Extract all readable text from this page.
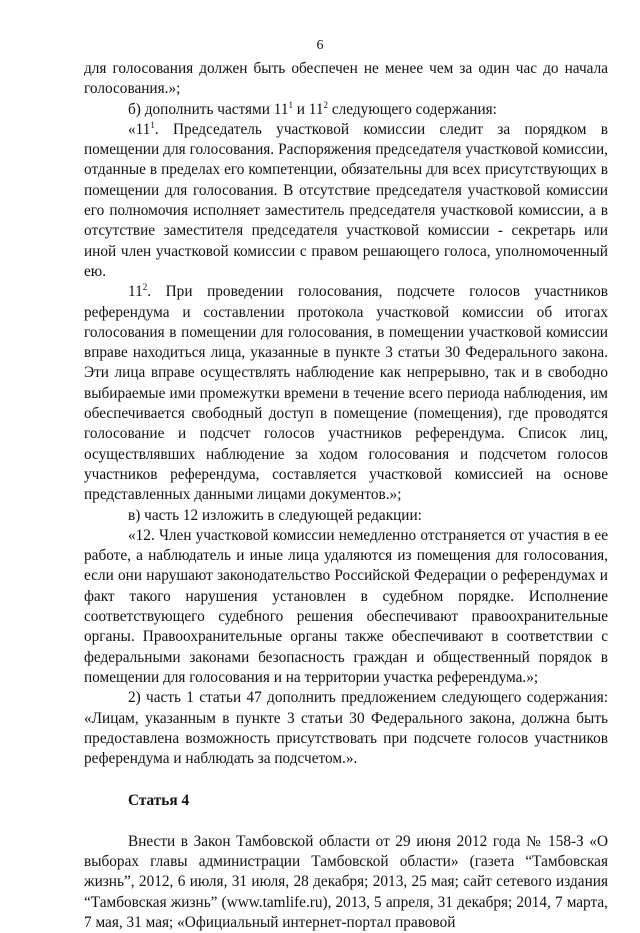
6

для голосования должен быть обеспечен не менее чем за один час до начала голосования.»;

б) дополнить частями $11^1$ и $11^2$ следующего содержания:

«$11^1$. Председатель участковой комиссии следит за порядком в помещении для голосования. Распоряжения председателя участковой комиссии, отданные в пределах его компетенции, обязательны для всех присутствующих в помещении для голосования. В отсутствие председателя участковой комиссии его полномочия исполняет заместитель председателя участковой комиссии, а в отсутствие заместителя председателя участковой комиссии - секретарь или иной член участковой комиссии с правом решающего голоса, уполномоченный ею.

$11^2$. При проведении голосования, подсчете голосов участников референдума и составлении протокола участковой комиссии об итогах голосования в помещении для голосования, в помещении участковой комиссии вправе находиться лица, указанные в пункте 3 статьи 30 Федерального закона. Эти лица вправе осуществлять наблюдение как непрерывно, так и в свободно выбираемые ими промежутки времени в течение всего периода наблюдения, им обеспечивается свободный доступ в помещение (помещения), где проводятся голосование и подсчет голосов участников референдума. Список лиц, осуществлявших наблюдение за ходом голосования и подсчетом голосов участников референдума, составляется участковой комиссией на основе представленных данными лицами документов.»;

в) часть 12 изложить в следующей редакции:

«12. Член участковой комиссии немедленно отстраняется от участия в ее работе, а наблюдатель и иные лица удаляются из помещения для голосования, если они нарушают законодательство Российской Федерации о референдумах и факт такого нарушения установлен в судебном порядке. Исполнение соответствующего судебного решения обеспечивают правоохранительные органы. Правоохранительные органы также обеспечивают в соответствии с федеральными законами безопасность граждан и общественный порядок в помещении для голосования и на территории участка референдума.»;

2) часть 1 статьи 47 дополнить предложением следующего содержания: «Лицам, указанным в пункте 3 статьи 30 Федерального закона, должна быть предоставлена возможность присутствовать при подсчете голосов участников референдума и наблюдать за подсчетом.».

Статья 4

Внести в Закон Тамбовской области от 29 июня 2012 года № 158-З «О выборах главы администрации Тамбовской области» (газета “Тамбовская жизнь”, 2012, 6 июля, 31 июля, 28 декабря; 2013, 25 мая; сайт сетевого издания “Тамбовская жизнь” (www.tamlife.ru), 2013, 5 апреля, 31 декабря; 2014, 7 марта, 7 мая, 31 мая; «Официальный интернет-портал правовой
